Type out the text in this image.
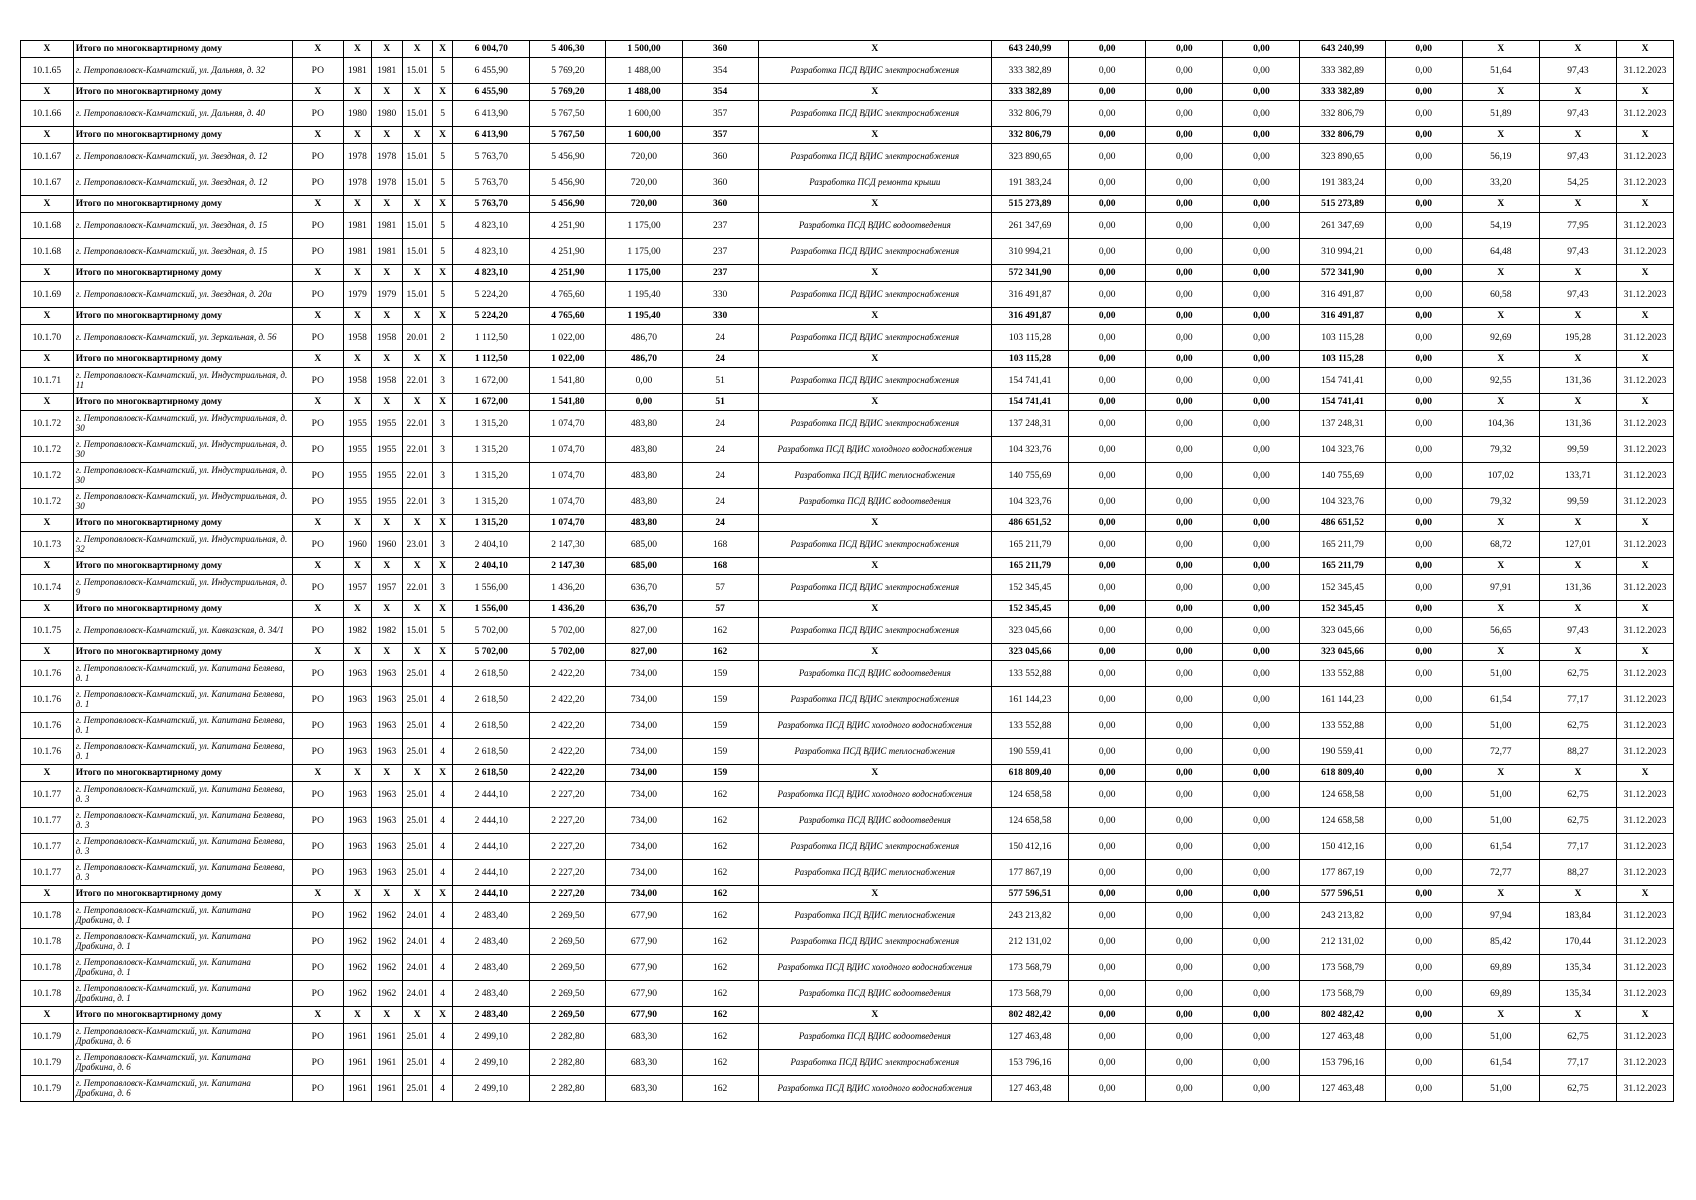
X	Итого по многоквартирному дому	X	X	X	X	X	6 004,70	5 406,30	1 500,00	360	X	643 240,99	0,00	0,00	0,00	643 240,99	0,00	X	X	X
10.1.65	г. Петропавловск-Камчатский, ул. Дальняя, д. 32	РО	1981	1981	15.01	5	6 455,90	5 769,20	1 488,00	354	Разработка ПСД ВДИС электроснабжения	333 382,89	0,00	0,00	0,00	333 382,89	0,00	51,64	97,43	31.12.2023
X	Итого по многоквартирному дому	X	X	X	X	X	6 455,90	5 769,20	1 488,00	354	X	333 382,89	0,00	0,00	0,00	333 382,89	0,00	X	X	X
10.1.66	г. Петропавловск-Камчатский, ул. Дальняя, д. 40	РО	1980	1980	15.01	5	6 413,90	5 767,50	1 600,00	357	Разработка ПСД ВДИС электроснабжения	332 806,79	0,00	0,00	0,00	332 806,79	0,00	51,89	97,43	31.12.2023
X	Итого по многоквартирному дому	X	X	X	X	X	6 413,90	5 767,50	1 600,00	357	X	332 806,79	0,00	0,00	0,00	332 806,79	0,00	X	X	X
10.1.67	г. Петропавловск-Камчатский, ул. Звездная, д. 12	РО	1978	1978	15.01	5	5 763,70	5 456,90	720,00	360	Разработка ПСД ВДИС электроснабжения	323 890,65	0,00	0,00	0,00	323 890,65	0,00	56,19	97,43	31.12.2023
10.1.67	г. Петропавловск-Камчатский, ул. Звездная, д. 12	РО	1978	1978	15.01	5	5 763,70	5 456,90	720,00	360	Разработка ПСД ремонта крыши	191 383,24	0,00	0,00	0,00	191 383,24	0,00	33,20	54,25	31.12.2023
X	Итого по многоквартирному дому	X	X	X	X	X	5 763,70	5 456,90	720,00	360	X	515 273,89	0,00	0,00	0,00	515 273,89	0,00	X	X	X
10.1.68	г. Петропавловск-Камчатский, ул. Звездная, д. 15	РО	1981	1981	15.01	5	4 823,10	4 251,90	1 175,00	237	Разработка ПСД ВДИС водоотведения	261 347,69	0,00	0,00	0,00	261 347,69	0,00	54,19	77,95	31.12.2023
10.1.68	г. Петропавловск-Камчатский, ул. Звездная, д. 15	РО	1981	1981	15.01	5	4 823,10	4 251,90	1 175,00	237	Разработка ПСД ВДИС электроснабжения	310 994,21	0,00	0,00	0,00	310 994,21	0,00	64,48	97,43	31.12.2023
X	Итого по многоквартирному дому	X	X	X	X	X	4 823,10	4 251,90	1 175,00	237	X	572 341,90	0,00	0,00	0,00	572 341,90	0,00	X	X	X
10.1.69	г. Петропавловск-Камчатский, ул. Звездная, д. 20а	РО	1979	1979	15.01	5	5 224,20	4 765,60	1 195,40	330	Разработка ПСД ВДИС электроснабжения	316 491,87	0,00	0,00	0,00	316 491,87	0,00	60,58	97,43	31.12.2023
X	Итого по многоквартирному дому	X	X	X	X	X	5 224,20	4 765,60	1 195,40	330	X	316 491,87	0,00	0,00	0,00	316 491,87	0,00	X	X	X
10.1.70	г. Петропавловск-Камчатский, ул. Зеркальная, д. 56	РО	1958	1958	20.01	2	1 112,50	1 022,00	486,70	24	Разработка ПСД ВДИС электроснабжения	103 115,28	0,00	0,00	0,00	103 115,28	0,00	92,69	195,28	31.12.2023
X	Итого по многоквартирному дому	X	X	X	X	X	1 112,50	1 022,00	486,70	24	X	103 115,28	0,00	0,00	0,00	103 115,28	0,00	X	X	X
10.1.71	г. Петропавловск-Камчатский, ул. Индустриальная, д. 11	РО	1958	1958	22.01	3	1 672,00	1 541,80	0,00	51	Разработка ПСД ВДИС электроснабжения	154 741,41	0,00	0,00	0,00	154 741,41	0,00	92,55	131,36	31.12.2023
X	Итого по многоквартирному дому	X	X	X	X	X	1 672,00	1 541,80	0,00	51	X	154 741,41	0,00	0,00	0,00	154 741,41	0,00	X	X	X
10.1.72	г. Петропавловск-Камчатский, ул. Индустриальная, д. 30	РО	1955	1955	22.01	3	1 315,20	1 074,70	483,80	24	Разработка ПСД ВДИС электроснабжения	137 248,31	0,00	0,00	0,00	137 248,31	0,00	104,36	131,36	31.12.2023
10.1.72	г. Петропавловск-Камчатский, ул. Индустриальная, д. 30	РО	1955	1955	22.01	3	1 315,20	1 074,70	483,80	24	Разработка ПСД ВДИС холодного водоснабжения	104 323,76	0,00	0,00	0,00	104 323,76	0,00	79,32	99,59	31.12.2023
10.1.72	г. Петропавловск-Камчатский, ул. Индустриальная, д. 30	РО	1955	1955	22.01	3	1 315,20	1 074,70	483,80	24	Разработка ПСД ВДИС теплоснабжения	140 755,69	0,00	0,00	0,00	140 755,69	0,00	107,02	133,71	31.12.2023
10.1.72	г. Петропавловск-Камчатский, ул. Индустриальная, д. 30	РО	1955	1955	22.01	3	1 315,20	1 074,70	483,80	24	Разработка ПСД ВДИС водоотведения	104 323,76	0,00	0,00	0,00	104 323,76	0,00	79,32	99,59	31.12.2023
X	Итого по многоквартирному дому	X	X	X	X	X	1 315,20	1 074,70	483,80	24	X	486 651,52	0,00	0,00	0,00	486 651,52	0,00	X	X	X
10.1.73	г. Петропавловск-Камчатский, ул. Индустриальная, д. 32	РО	1960	1960	23.01	3	2 404,10	2 147,30	685,00	168	Разработка ПСД ВДИС электроснабжения	165 211,79	0,00	0,00	0,00	165 211,79	0,00	68,72	127,01	31.12.2023
X	Итого по многоквартирному дому	X	X	X	X	X	2 404,10	2 147,30	685,00	168	X	165 211,79	0,00	0,00	0,00	165 211,79	0,00	X	X	X
10.1.74	г. Петропавловск-Камчатский, ул. Индустриальная, д. 9	РО	1957	1957	22.01	3	1 556,00	1 436,20	636,70	57	Разработка ПСД ВДИС электроснабжения	152 345,45	0,00	0,00	0,00	152 345,45	0,00	97,91	131,36	31.12.2023
X	Итого по многоквартирному дому	X	X	X	X	X	1 556,00	1 436,20	636,70	57	X	152 345,45	0,00	0,00	0,00	152 345,45	0,00	X	X	X
10.1.75	г. Петропавловск-Камчатский, ул. Кавказская, д. 34/1	РО	1982	1982	15.01	5	5 702,00	5 702,00	827,00	162	Разработка ПСД ВДИС электроснабжения	323 045,66	0,00	0,00	0,00	323 045,66	0,00	56,65	97,43	31.12.2023
X	Итого по многоквартирному дому	X	X	X	X	X	5 702,00	5 702,00	827,00	162	X	323 045,66	0,00	0,00	0,00	323 045,66	0,00	X	X	X
10.1.76	г. Петропавловск-Камчатский, ул. Капитана Беляева, д. 1	РО	1963	1963	25.01	4	2 618,50	2 422,20	734,00	159	Разработка ПСД ВДИС водоотведения	133 552,88	0,00	0,00	0,00	133 552,88	0,00	51,00	62,75	31.12.2023
10.1.76	г. Петропавловск-Камчатский, ул. Капитана Беляева, д. 1	РО	1963	1963	25.01	4	2 618,50	2 422,20	734,00	159	Разработка ПСД ВДИС электроснабжения	161 144,23	0,00	0,00	0,00	161 144,23	0,00	61,54	77,17	31.12.2023
10.1.76	г. Петропавловск-Камчатский, ул. Капитана Беляева, д. 1	РО	1963	1963	25.01	4	2 618,50	2 422,20	734,00	159	Разработка ПСД ВДИС холодного водоснабжения	133 552,88	0,00	0,00	0,00	133 552,88	0,00	51,00	62,75	31.12.2023
10.1.76	г. Петропавловск-Камчатский, ул. Капитана Беляева, д. 1	РО	1963	1963	25.01	4	2 618,50	2 422,20	734,00	159	Разработка ПСД ВДИС теплоснабжения	190 559,41	0,00	0,00	0,00	190 559,41	0,00	72,77	88,27	31.12.2023
X	Итого по многоквартирному дому	X	X	X	X	X	2 618,50	2 422,20	734,00	159	X	618 809,40	0,00	0,00	0,00	618 809,40	0,00	X	X	X
10.1.77	г. Петропавловск-Камчатский, ул. Капитана Беляева, д. 3	РО	1963	1963	25.01	4	2 444,10	2 227,20	734,00	162	Разработка ПСД ВДИС холодного водоснабжения	124 658,58	0,00	0,00	0,00	124 658,58	0,00	51,00	62,75	31.12.2023
10.1.77	г. Петропавловск-Камчатский, ул. Капитана Беляева, д. 3	РО	1963	1963	25.01	4	2 444,10	2 227,20	734,00	162	Разработка ПСД ВДИС водоотведения	124 658,58	0,00	0,00	0,00	124 658,58	0,00	51,00	62,75	31.12.2023
10.1.77	г. Петропавловск-Камчатский, ул. Капитана Беляева, д. 3	РО	1963	1963	25.01	4	2 444,10	2 227,20	734,00	162	Разработка ПСД ВДИС электроснабжения	150 412,16	0,00	0,00	0,00	150 412,16	0,00	61,54	77,17	31.12.2023
10.1.77	г. Петропавловск-Камчатский, ул. Капитана Беляева, д. 3	РО	1963	1963	25.01	4	2 444,10	2 227,20	734,00	162	Разработка ПСД ВДИС теплоснабжения	177 867,19	0,00	0,00	0,00	177 867,19	0,00	72,77	88,27	31.12.2023
X	Итого по многоквартирному дому	X	X	X	X	X	2 444,10	2 227,20	734,00	162	X	577 596,51	0,00	0,00	0,00	577 596,51	0,00	X	X	X
10.1.78	г. Петропавловск-Камчатский, ул. Капитана Драбкина, д. 1	РО	1962	1962	24.01	4	2 483,40	2 269,50	677,90	162	Разработка ПСД ВДИС теплоснабжения	243 213,82	0,00	0,00	0,00	243 213,82	0,00	97,94	183,84	31.12.2023
10.1.78	г. Петропавловск-Камчатский, ул. Капитана Драбкина, д. 1	РО	1962	1962	24.01	4	2 483,40	2 269,50	677,90	162	Разработка ПСД ВДИС электроснабжения	212 131,02	0,00	0,00	0,00	212 131,02	0,00	85,42	170,44	31.12.2023
10.1.78	г. Петропавловск-Камчатский, ул. Капитана Драбкина, д. 1	РО	1962	1962	24.01	4	2 483,40	2 269,50	677,90	162	Разработка ПСД ВДИС холодного водоснабжения	173 568,79	0,00	0,00	0,00	173 568,79	0,00	69,89	135,34	31.12.2023
10.1.78	г. Петропавловск-Камчатский, ул. Капитана Драбкина, д. 1	РО	1962	1962	24.01	4	2 483,40	2 269,50	677,90	162	Разработка ПСД ВДИС водоотведения	173 568,79	0,00	0,00	0,00	173 568,79	0,00	69,89	135,34	31.12.2023
X	Итого по многоквартирному дому	X	X	X	X	X	2 483,40	2 269,50	677,90	162	X	802 482,42	0,00	0,00	0,00	802 482,42	0,00	X	X	X
10.1.79	г. Петропавловск-Камчатский, ул. Капитана Драбкина, д. 6	РО	1961	1961	25.01	4	2 499,10	2 282,80	683,30	162	Разработка ПСД ВДИС водоотведения	127 463,48	0,00	0,00	0,00	127 463,48	0,00	51,00	62,75	31.12.2023
10.1.79	г. Петропавловск-Камчатский, ул. Капитана Драбкина, д. 6	РО	1961	1961	25.01	4	2 499,10	2 282,80	683,30	162	Разработка ПСД ВДИС электроснабжения	153 796,16	0,00	0,00	0,00	153 796,16	0,00	61,54	77,17	31.12.2023
10.1.79	г. Петропавловск-Камчатский, ул. Капитана Драбкина, д. 6	РО	1961	1961	25.01	4	2 499,10	2 282,80	683,30	162	Разработка ПСД ВДИС холодного водоснабжения	127 463,48	0,00	0,00	0,00	127 463,48	0,00	51,00	62,75	31.12.2023
